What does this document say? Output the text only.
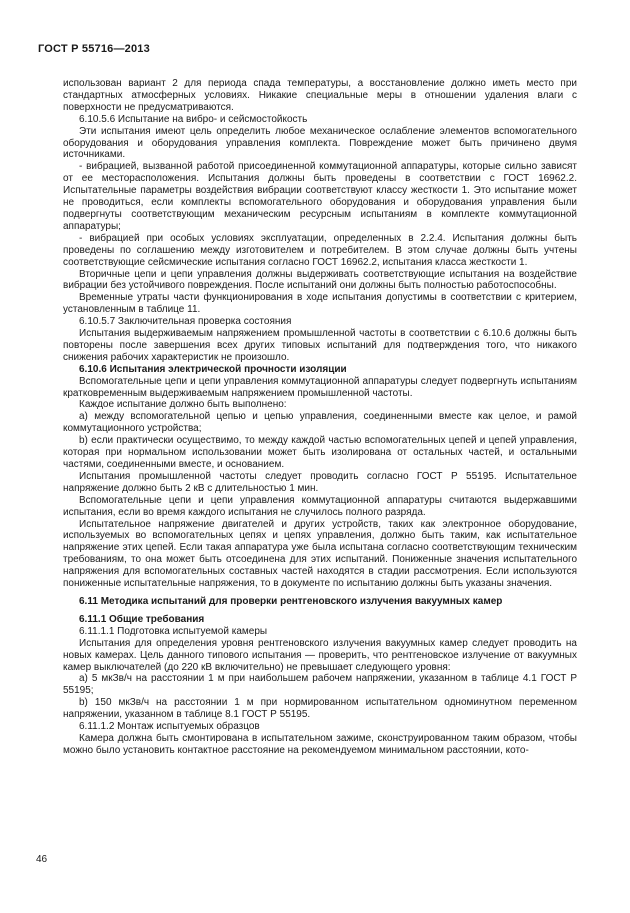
ГОСТ Р 55716—2013

использован вариант 2 для периода спада температуры, а восстановление должно иметь место при стандартных атмосферных условиях. Никакие специальные меры в отношении удаления влаги с поверхности не предусматриваются.

6.10.5.6 Испытание на вибро- и сейсмостойкость

Эти испытания имеют цель определить любое механическое ослабление элементов вспомогательного оборудования и оборудования управления комплекта. Повреждение может быть причинено двумя источниками.

- вибрацией, вызванной работой присоединенной коммутационной аппаратуры, которые сильно зависят от ее месторасположения. Испытания должны быть проведены в соответствии с ГОСТ 16962.2. Испытательные параметры воздействия вибрации соответствуют классу жесткости 1. Это испытание может не проводиться, если комплекты вспомогательного оборудования и оборудования управления были подвергнуты соответствующим механическим ресурсным испытаниям в комплекте коммутационной аппаратуры;

- вибрацией при особых условиях эксплуатации, определенных в 2.2.4. Испытания должны быть проведены по соглашению между изготовителем и потребителем. В этом случае должны быть учтены соответствующие сейсмические испытания согласно ГОСТ 16962.2, испытания класса жесткости 1.

Вторичные цепи и цепи управления должны выдерживать соответствующие испытания на воздействие вибрации без устойчивого повреждения. После испытаний они должны быть полностью работоспособны.

Временные утраты части функционирования в ходе испытания допустимы в соответствии с критерием, установленным в таблице 11.

6.10.5.7 Заключительная проверка состояния

Испытания выдерживаемым напряжением промышленной частоты в соответствии с 6.10.6 должны быть повторены после завершения всех других типовых испытаний для подтверждения того, что никакого снижения рабочих характеристик не произошло.

6.10.6 Испытания электрической прочности изоляции

Вспомогательные цепи и цепи управления коммутационной аппаратуры следует подвергнуть испытаниям кратковременным выдерживаемым напряжением промышленной частоты.

Каждое испытание должно быть выполнено:

а) между вспомогательной цепью и цепью управления, соединенными вместе как целое, и рамой коммутационного устройства;

b) если практически осуществимо, то между каждой частью вспомогательных цепей и цепей управления, которая при нормальном использовании может быть изолирована от остальных частей, и остальными частями, соединенными вместе, и основанием.

Испытания промышленной частоты следует проводить согласно ГОСТ Р 55195. Испытательное напряжение должно быть 2 кВ с длительностью 1 мин.

Вспомогательные цепи и цепи управления коммутационной аппаратуры считаются выдержавшими испытания, если во время каждого испытания не случилось полного разряда.

Испытательное напряжение двигателей и других устройств, таких как электронное оборудование, используемых во вспомогательных цепях и цепях управления, должно быть таким, как испытательное напряжение этих цепей. Если такая аппаратура уже была испытана согласно соответствующим техническим требованиям, то она может быть отсоединена для этих испытаний. Пониженные значения испытательного напряжения для вспомогательных составных частей находятся в стадии рассмотрения. Если используются пониженные испытательные напряжения, то в документе по испытанию должны быть указаны значения.

6.11 Методика испытаний для проверки рентгеновского излучения вакуумных камер

6.11.1 Общие требования

6.11.1.1 Подготовка испытуемой камеры

Испытания для определения уровня рентгеновского излучения вакуумных камер следует проводить на новых камерах. Цель данного типового испытания — проверить, что рентгеновское излучение от вакуумных камер выключателей (до 220 кВ включительно) не превышает следующего уровня:

а) 5 мкЗв/ч на расстоянии 1 м при наибольшем рабочем напряжении, указанном в таблице 4.1 ГОСТ Р 55195;

b) 150 мкЗв/ч на расстоянии 1 м при нормированном испытательном одноминутном переменном напряжении, указанном в таблице 8.1 ГОСТ Р 55195.

6.11.1.2 Монтаж испытуемых образцов

Камера должна быть смонтирована в испытательном зажиме, сконструированном таким образом, чтобы можно было установить контактное расстояние на рекомендуемом минимальном расстоянии, кото-

46
